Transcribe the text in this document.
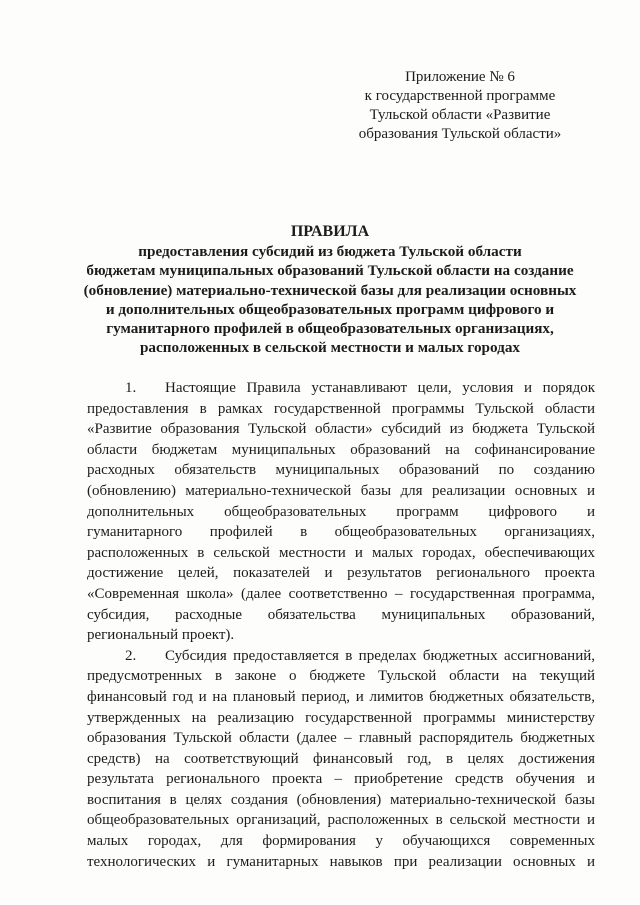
Приложение № 6
к государственной программе
Тульской области «Развитие
образования Тульской области»
ПРАВИЛА
предоставления субсидий из бюджета Тульской области
бюджетам муниципальных образований Тульской области на создание
(обновление) материально-технической базы для реализации основных
и дополнительных общеобразовательных программ цифрового и
гуманитарного профилей в общеобразовательных организациях,
расположенных в сельской местности и малых городах
1. Настоящие Правила устанавливают цели, условия и порядок
предоставления в рамках государственной программы Тульской области
«Развитие образования Тульской области» субсидий из бюджета Тульской
области бюджетам муниципальных образований на софинансирование
расходных обязательств муниципальных образований по созданию
(обновлению) материально-технической базы для реализации основных и
дополнительных общеобразовательных программ цифрового и
гуманитарного профилей в общеобразовательных организациях,
расположенных в сельской местности и малых городах, обеспечивающих
достижение целей, показателей и результатов регионального проекта
«Современная школа» (далее соответственно – государственная программа,
субсидия, расходные обязательства муниципальных образований,
региональный проект).
2. Субсидия предоставляется в пределах бюджетных ассигнований,
предусмотренных в законе о бюджете Тульской области на текущий
финансовый год и на плановый период, и лимитов бюджетных обязательств,
утвержденных на реализацию государственной программы министерству
образования Тульской области (далее – главный распорядитель бюджетных
средств) на соответствующий финансовый год, в целях достижения
результата регионального проекта – приобретение средств обучения и
воспитания в целях создания (обновления) материально-технической базы
общеобразовательных организаций, расположенных в сельской местности и
малых городах, для формирования у обучающихся современных
технологических и гуманитарных навыков при реализации основных и
